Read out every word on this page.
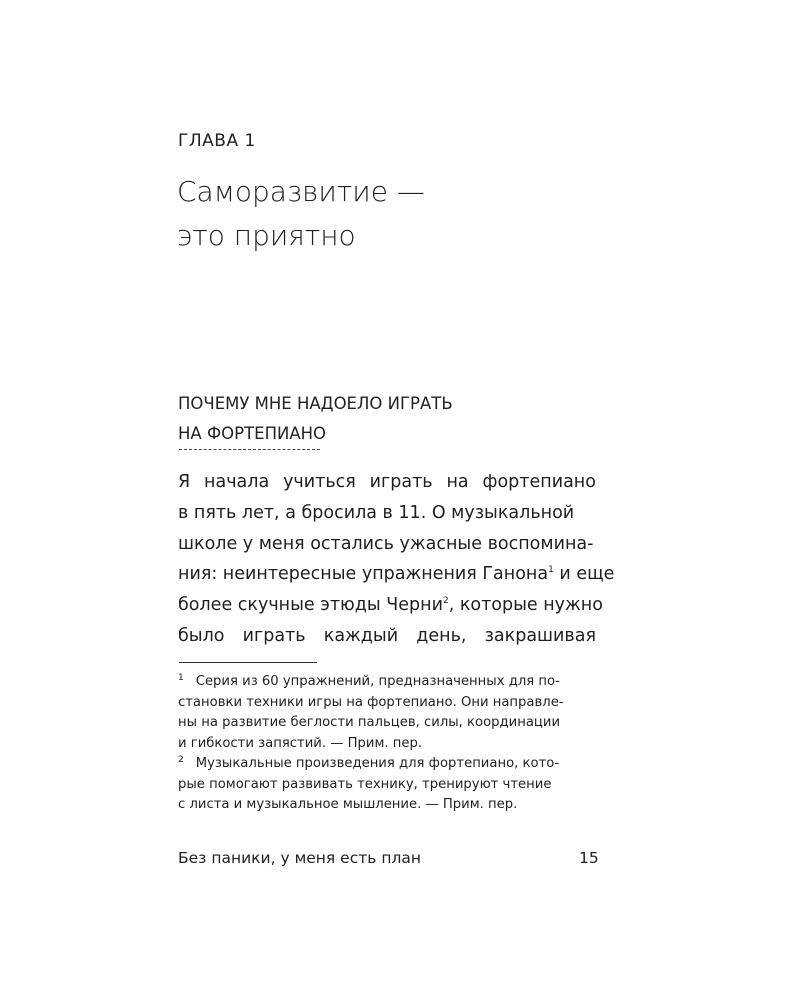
ГЛАВА 1
Саморазвитие —
это приятно
ПОЧЕМУ МНЕ НАДОЕЛО ИГРАТЬ
НА ФОРТЕПИАНО
Я начала учиться играть на фортепиано
в пять лет, а бросила в 11. О музыкальной
школе у меня остались ужасные воспомина-
ния: неинтересные упражнения Ганона$^1$ и еще
более скучные этюды Черни$^2$, которые нужно
было играть каждый день, закрашивая
$^1$ Серия из 60 упражнений, предназначенных для по-
становки техники игры на фортепиано. Они направле-
ны на развитие беглости пальцев, силы, координации
и гибкости запястий. — Прим. пер.
$^2$ Музыкальные произведения для фортепиано, кото-
рые помогают развивать технику, тренируют чтение
с листа и музыкальное мышление. — Прим. пер.
Без паники, у меня есть план	15
